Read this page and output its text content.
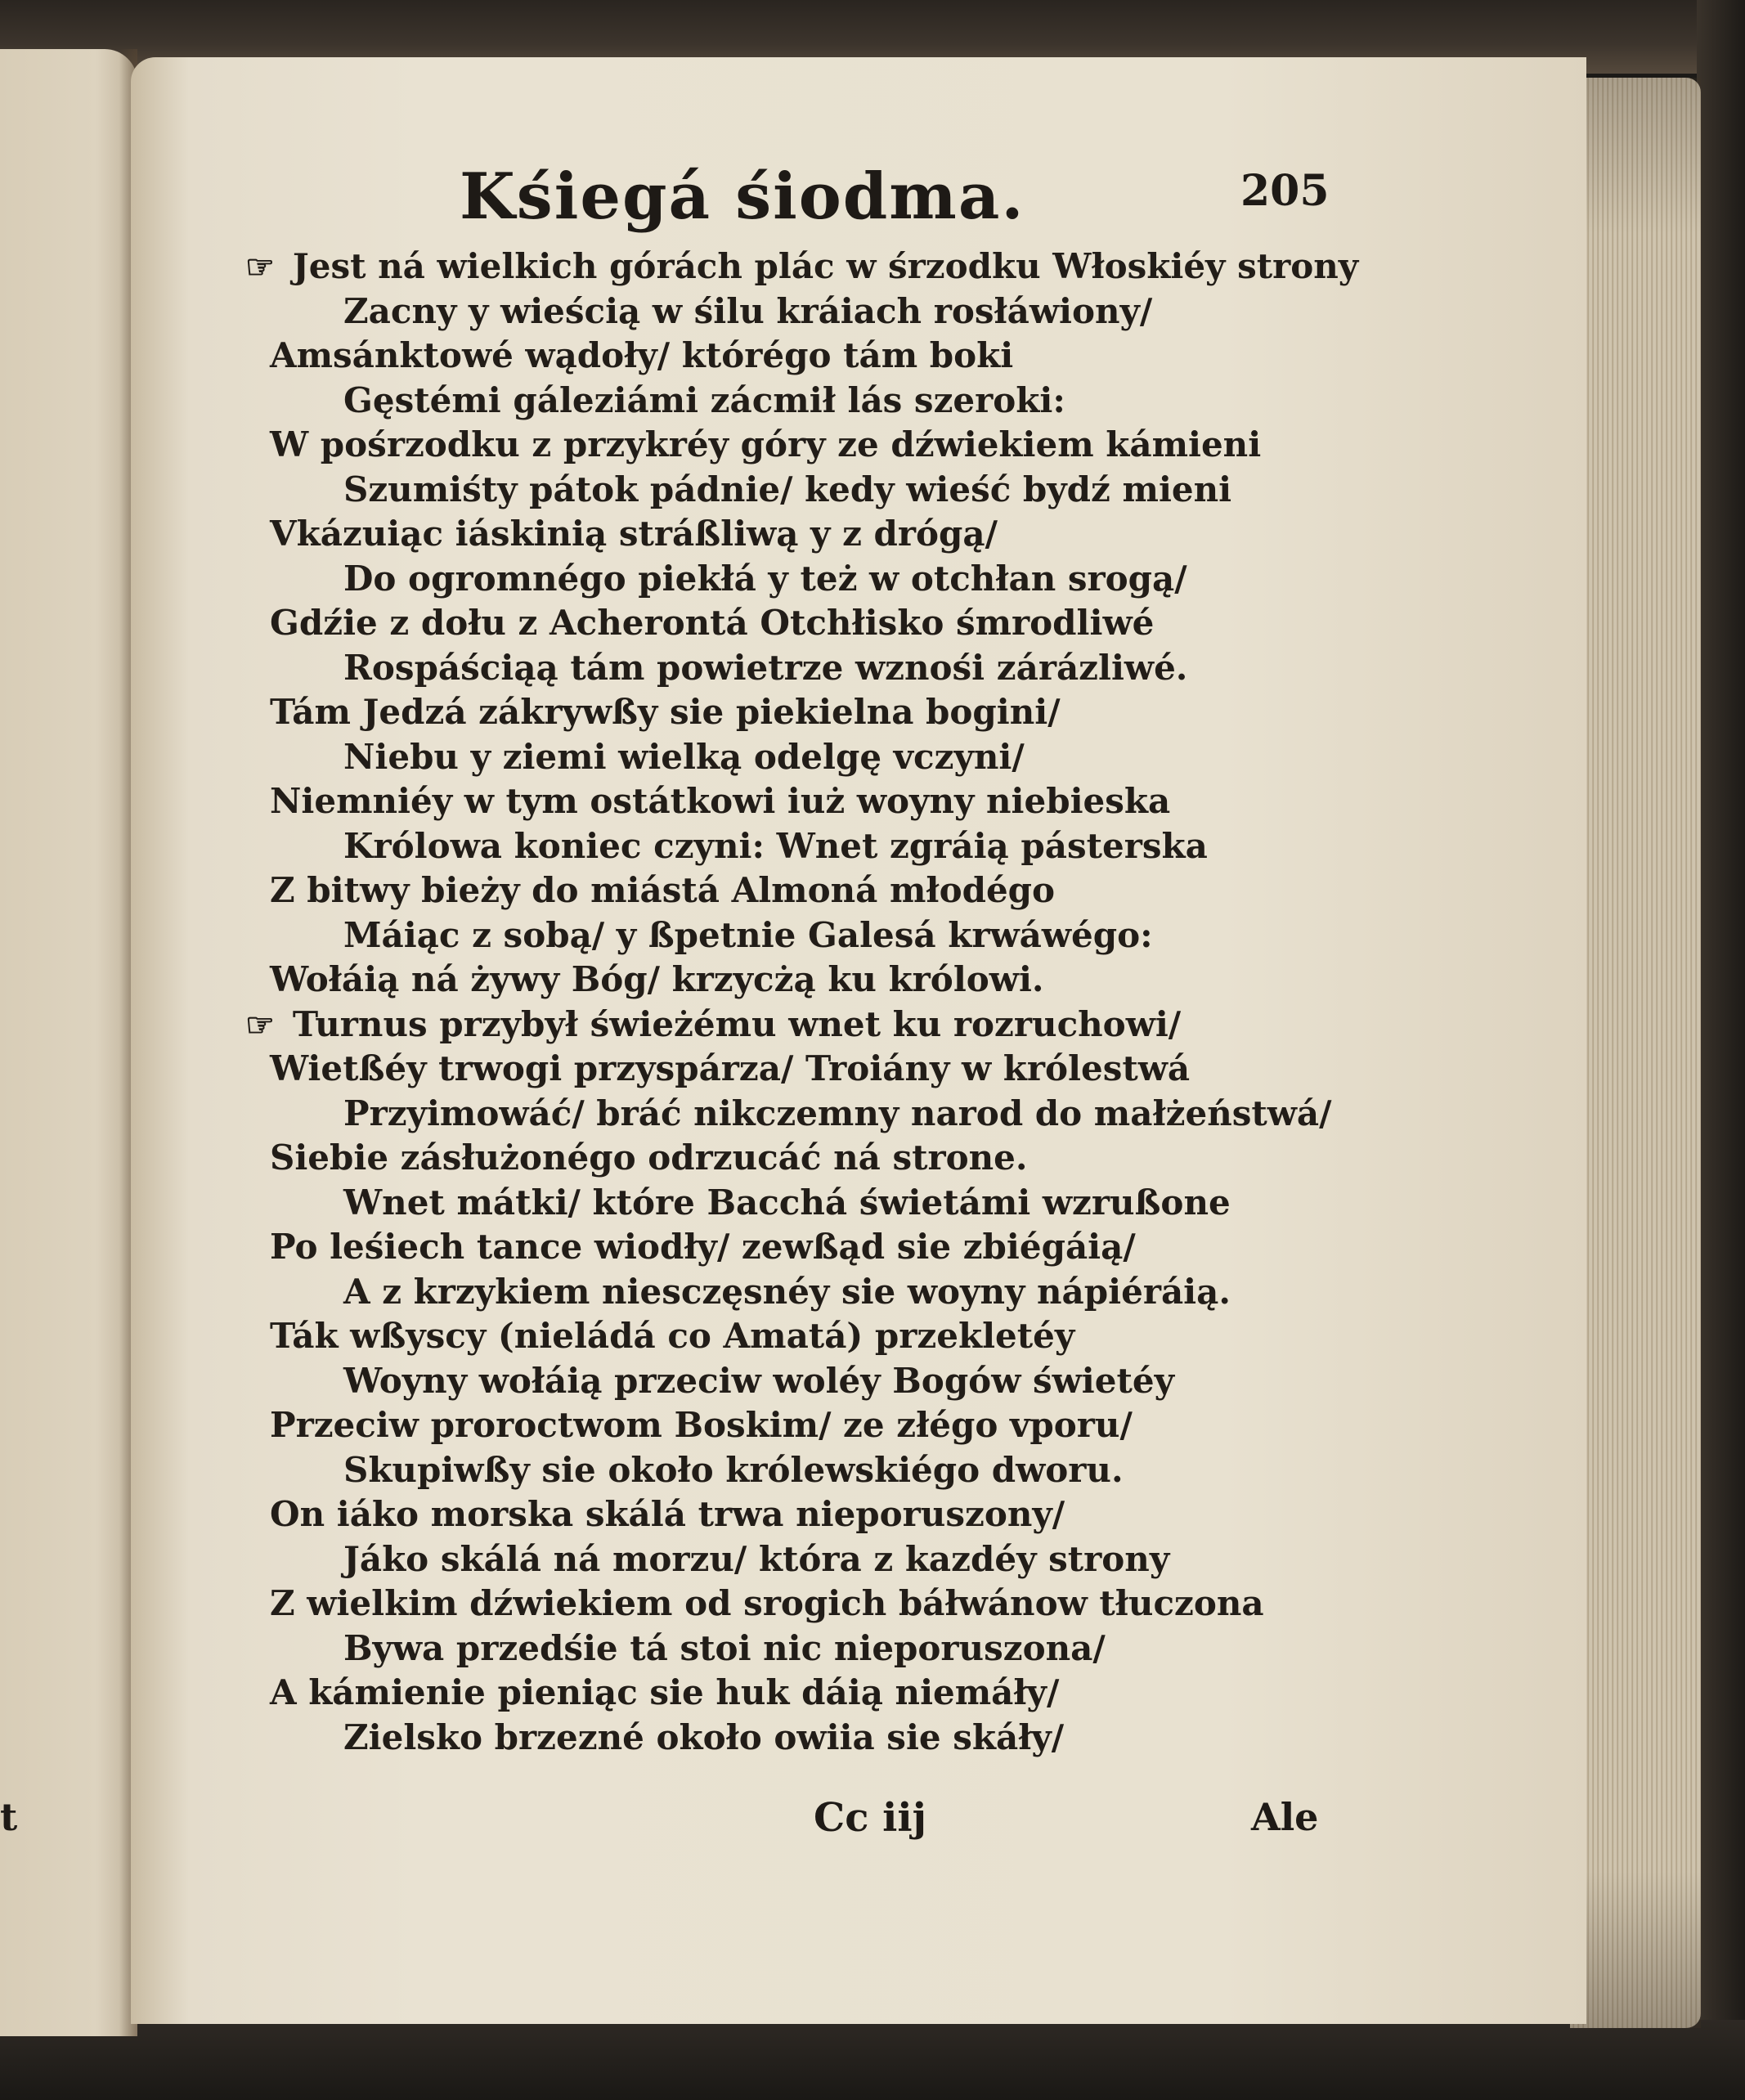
t
Kśiegá śiodma.	205
☞ Jest ná wielkich górách plác w śrzodku Włoskiéy strony
Zacny y wieścią w śilu kráiach rosłáwiony/
Amsánktowé wądoły/ którégo tám boki
Gęstémi gáleziámi zácmił lás szeroki:
W pośrzodku z przykréy góry ze dźwiekiem kámieni
Szumiśty pátok pádnie/ kedy wieść bydź mieni
Vkázuiąc iáskinią stráßliwą y z drógą/
Do ogromnégo piekłá y też w otchłan srogą/
Gdźie z dołu z Acherontá Otchłisko śmrodliwé
Rospáściąą tám powietrze wznośi zárázliwé.
Tám Jedzá zákrywßy sie piekielna bogini/
Niebu y ziemi wielką odelgę vczyni/
Niemniéy w tym ostátkowi iuż woyny niebieska
Królowa koniec czyni: Wnet zgráią pásterska
Z bitwy bieży do miástá Almoná młodégo
Máiąc z sobą/ y ßpetnie Galesá krwáwégo:
Wołáią ná żywy Bóg/ krzycżą ku królowi.
☞ Turnus przybył świeżému wnet ku rozruchowi/
Wietßéy trwogi przyspárza/ Troiány w królestwá
Przyimowáć/ bráć nikczemny narod do małżeństwá/
Siebie zásłużonégo odrzucáć ná strone.
Wnet mátki/ które Bacchá świetámi wzrußone
Po leśiech tance wiodły/ zewßąd sie zbiégáią/
A z krzykiem niesczęsnéy sie woyny nápiéráią.
Ták wßyscy (nieládá co Amatá) przekletéy
Woyny wołáią przeciw woléy Bogów świetéy
Przeciw proroctwom Boskim/ ze złégo vporu/
Skupiwßy sie około królewskiégo dworu.
On iáko morska skálá trwa nieporuszony/
Jáko skálá ná morzu/ która z kazdéy strony
Z wielkim dźwiekiem od srogich báłwánow tłuczona
Bywa przedśie tá stoi nic nieporuszona/
A kámienie pieniąc sie huk dáią niemáły/
Zielsko brzezné około owiia sie skáły/
Cc iij	Ale
